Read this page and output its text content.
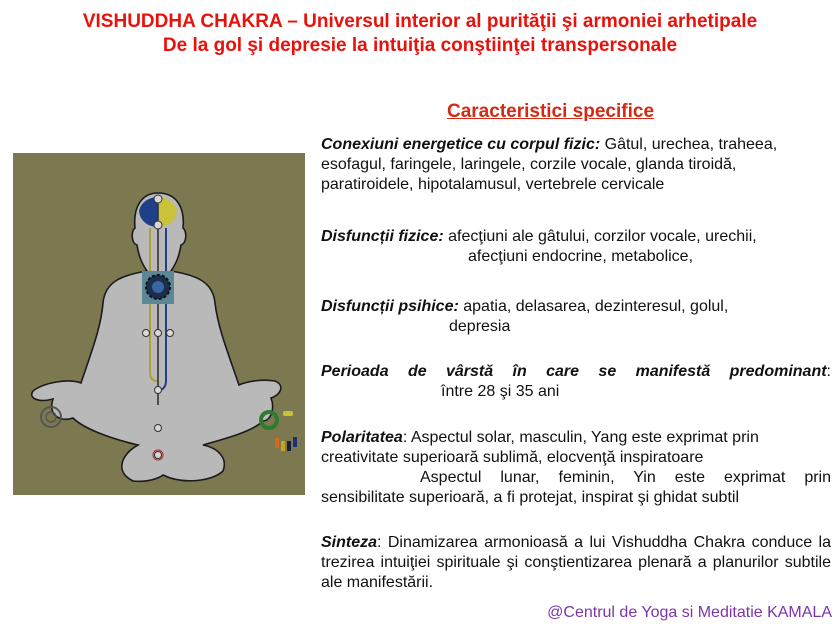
VISHUDDHA CHAKRA – Universul interior al purităţii şi armoniei arhetipale
De la gol şi depresie la intuiţia conştiinţei transpersonale
Caracteristici specifice
Conexiuni energetice cu corpul fizic: Gâtul, urechea, traheea, esofagul, faringele, laringele, corzile vocale, glanda tiroidă, paratiroidele, hipotalamusul, vertebrele cervicale
Disfuncții fizice: afecţiuni ale gâtului, corzilor vocale, urechii,
afecţiuni endocrine, metabolice,
Disfuncții psihice: apatia, delasarea, dezinteresul, golul,
depresia
Perioada de vârstă în care se manifestă predominant:
între 28 şi 35 ani
Polaritatea: Aspectul solar, masculin, Yang este exprimat prin creativitate superioară sublimă, elocvenţă inspiratoare
Aspectul lunar, feminin, Yin este exprimat prin sensibilitate superioară, a fi protejat, inspirat şi ghidat subtil
Sinteza: Dinamizarea armonioasă a lui Vishuddha Chakra conduce la trezirea intuiţiei spirituale şi conştientizarea plenară a planurilor subtile ale manifestării.
@Centrul de Yoga si Meditatie KAMALA
